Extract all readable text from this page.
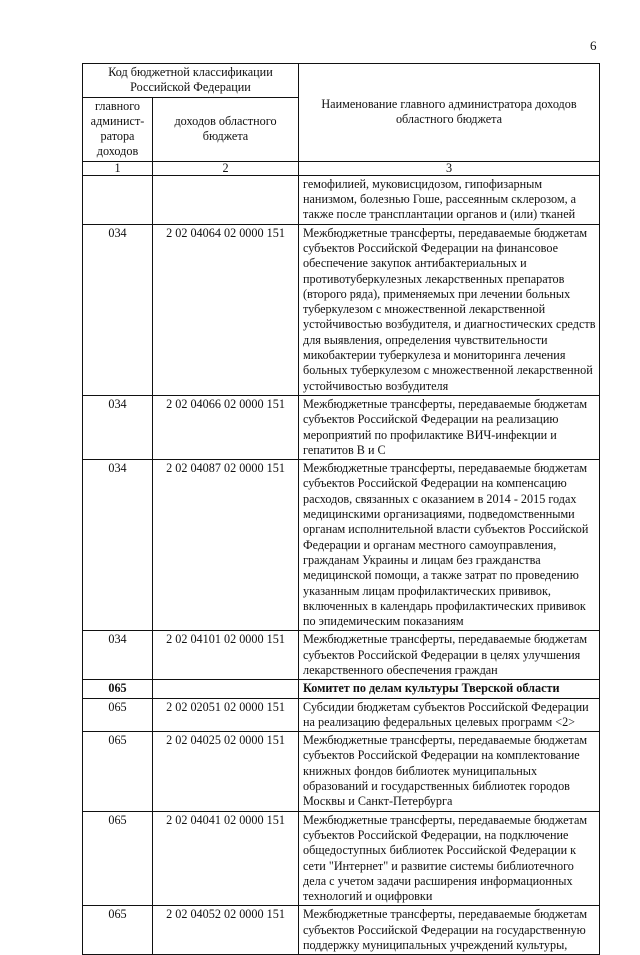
6
Код бюджетной классификации Российской Федерации		Наименование главного администратора доходов областного бюджета
главного админист-ратора доходов	доходов областного бюджета	
1	2	3
		гемофилией, муковисцидозом, гипофизарным нанизмом, болезнью Гоше, рассеянным склерозом, а также после трансплантации органов и (или) тканей
034	2 02 04064 02 0000 151	Межбюджетные трансферты, передаваемые бюджетам субъектов Российской Федерации на финансовое обеспечение закупок антибактериальных и противотуберкулезных лекарственных препаратов (второго ряда), применяемых при лечении больных туберкулезом с множественной лекарственной устойчивостью возбудителя, и диагностических средств для выявления, определения чувствительности микобактерии туберкулеза и мониторинга лечения больных туберкулезом с множественной лекарственной устойчивостью возбудителя
034	2 02 04066 02 0000 151	Межбюджетные трансферты, передаваемые бюджетам субъектов Российской Федерации на реализацию мероприятий по профилактике ВИЧ-инфекции и гепатитов В и С
034	2 02 04087 02 0000 151	Межбюджетные трансферты, передаваемые бюджетам субъектов Российской Федерации на компенсацию расходов, связанных с оказанием в 2014 - 2015 годах медицинскими организациями, подведомственными органам исполнительной власти субъектов Российской Федерации и органам местного самоуправления, гражданам Украины и лицам без гражданства медицинской помощи, а также затрат по проведению указанным лицам профилактических прививок, включенных в календарь профилактических прививок по эпидемическим показаниям
034	2 02 04101 02 0000 151	Межбюджетные трансферты, передаваемые бюджетам субъектов Российской Федерации в целях улучшения лекарственного обеспечения граждан
065		Комитет по делам культуры Тверской области
065	2 02 02051 02 0000 151	Субсидии бюджетам субъектов Российской Федерации на реализацию федеральных целевых программ <2>
065	2 02 04025 02 0000 151	Межбюджетные трансферты, передаваемые бюджетам субъектов Российской Федерации на комплектование книжных фондов библиотек муниципальных образований и государственных библиотек городов Москвы и Санкт-Петербурга
065	2 02 04041 02 0000 151	Межбюджетные трансферты, передаваемые бюджетам субъектов Российской Федерации, на подключение общедоступных библиотек Российской Федерации к сети "Интернет" и развитие системы библиотечного дела с учетом задачи расширения информационных технологий и оцифровки
065	2 02 04052 02 0000 151	Межбюджетные трансферты, передаваемые бюджетам субъектов Российской Федерации на государственную поддержку муниципальных учреждений культуры,
